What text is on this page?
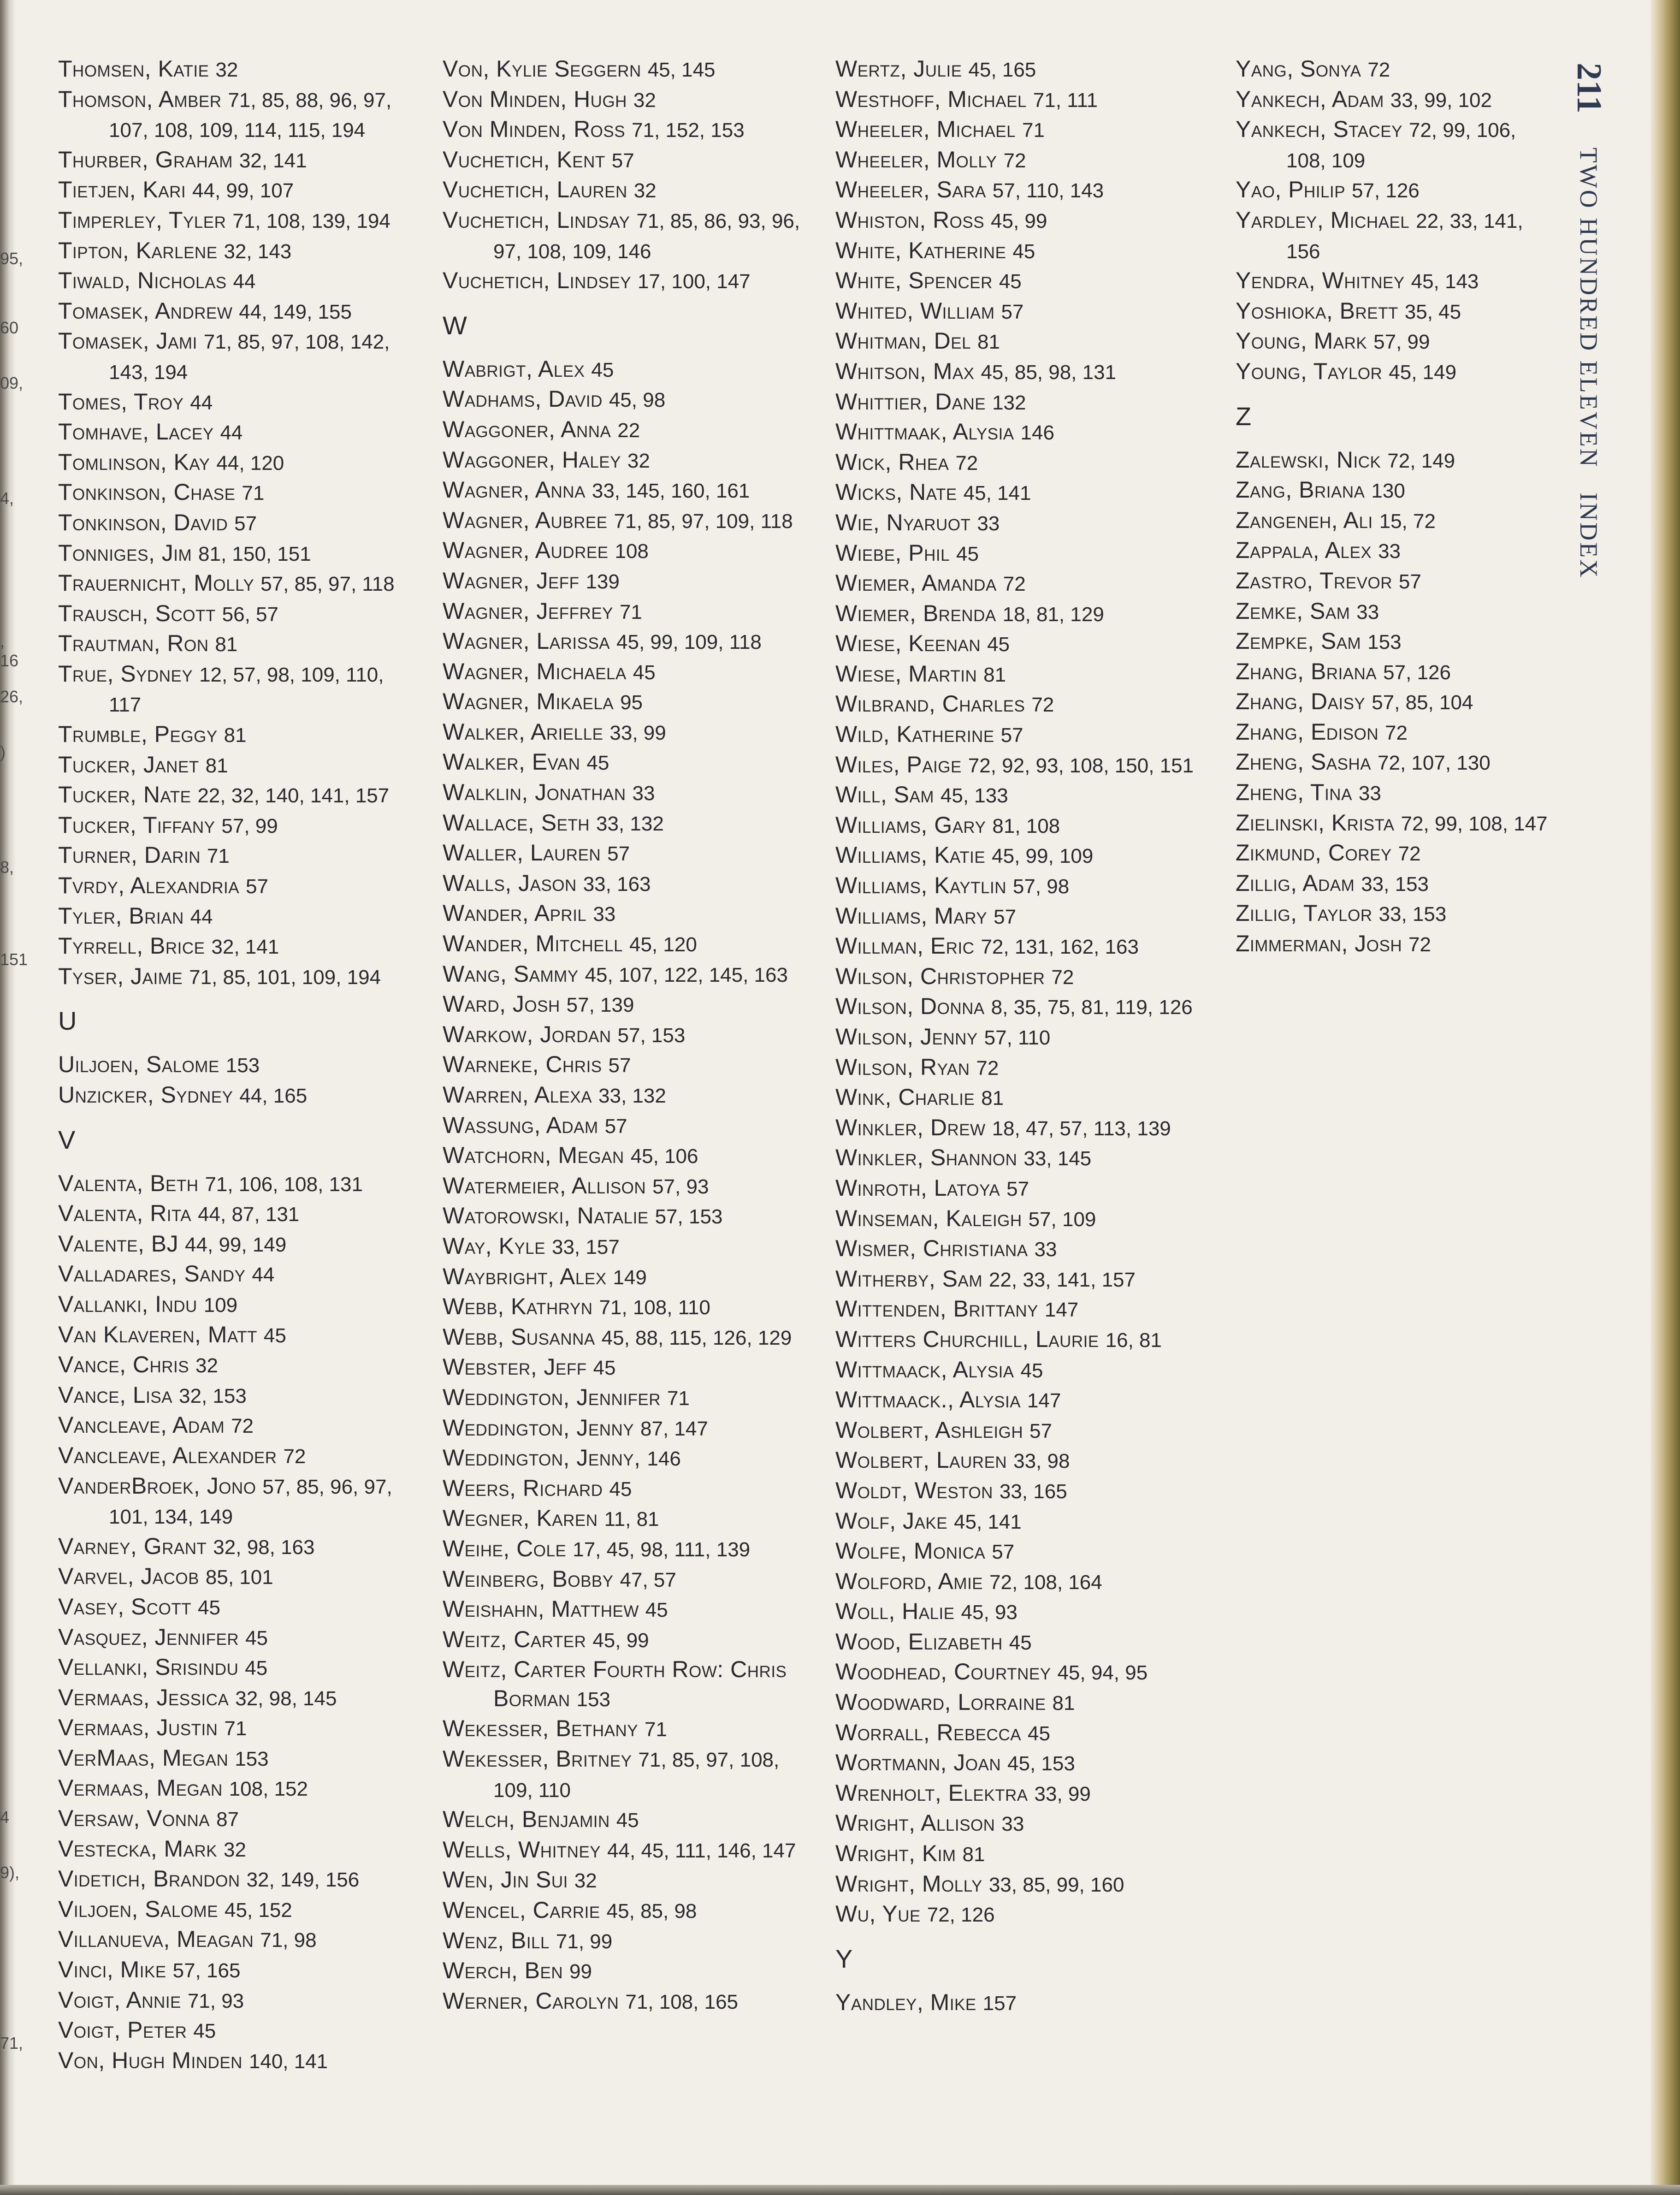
95,
60
09,
4,
, 16
26,
)
8,
151
4
9),
71,
Thomsen, Katie 32
Thomson, Amber 71, 85, 88, 96, 97, 107, 108, 109, 114, 115, 194
Thurber, Graham 32, 141
Tietjen, Kari 44, 99, 107
Timperley, Tyler 71, 108, 139, 194
Tipton, Karlene 32, 143
Tiwald, Nicholas 44
Tomasek, Andrew 44, 149, 155
Tomasek, Jami 71, 85, 97, 108, 142, 143, 194
Tomes, Troy 44
Tomhave, Lacey 44
Tomlinson, Kay 44, 120
Tonkinson, Chase 71
Tonkinson, David 57
Tonniges, Jim 81, 150, 151
Trauernicht, Molly 57, 85, 97, 118
Trausch, Scott 56, 57
Trautman, Ron 81
True, Sydney 12, 57, 98, 109, 110, 117
Trumble, Peggy 81
Tucker, Janet 81
Tucker, Nate 22, 32, 140, 141, 157
Tucker, Tiffany 57, 99
Turner, Darin 71
Tvrdy, Alexandria 57
Tyler, Brian 44
Tyrrell, Brice 32, 141
Tyser, Jaime 71, 85, 101, 109, 194
U
Uiljoen, Salome 153
Unzicker, Sydney 44, 165
V
Valenta, Beth 71, 106, 108, 131
Valenta, Rita 44, 87, 131
Valente, BJ 44, 99, 149
Valladares, Sandy 44
Vallanki, Indu 109
Van Klaveren, Matt 45
Vance, Chris 32
Vance, Lisa 32, 153
Vancleave, Adam 72
Vancleave, Alexander 72
VanderBroek, Jono 57, 85, 96, 97, 101, 134, 149
Varney, Grant 32, 98, 163
Varvel, Jacob 85, 101
Vasey, Scott 45
Vasquez, Jennifer 45
Vellanki, Srisindu 45
Vermaas, Jessica 32, 98, 145
Vermaas, Justin 71
VerMaas, Megan 153
Vermaas, Megan 108, 152
Versaw, Vonna 87
Vestecka, Mark 32
Videtich, Brandon 32, 149, 156
Viljoen, Salome 45, 152
Villanueva, Meagan 71, 98
Vinci, Mike 57, 165
Voigt, Annie 71, 93
Voigt, Peter 45
Von, Hugh Minden 140, 141
Von, Kylie Seggern 45, 145
Von Minden, Hugh 32
Von Minden, Ross 71, 152, 153
Vuchetich, Kent 57
Vuchetich, Lauren 32
Vuchetich, Lindsay 71, 85, 86, 93, 96, 97, 108, 109, 146
Vuchetich, Lindsey 17, 100, 147
W
Wabrigt, Alex 45
Wadhams, David 45, 98
Waggoner, Anna 22
Waggoner, Haley 32
Wagner, Anna 33, 145, 160, 161
Wagner, Aubree 71, 85, 97, 109, 118
Wagner, Audree 108
Wagner, Jeff 139
Wagner, Jeffrey 71
Wagner, Larissa 45, 99, 109, 118
Wagner, Michaela 45
Wagner, Mikaela 95
Walker, Arielle 33, 99
Walker, Evan 45
Walklin, Jonathan 33
Wallace, Seth 33, 132
Waller, Lauren 57
Walls, Jason 33, 163
Wander, April 33
Wander, Mitchell 45, 120
Wang, Sammy 45, 107, 122, 145, 163
Ward, Josh 57, 139
Warkow, Jordan 57, 153
Warneke, Chris 57
Warren, Alexa 33, 132
Wassung, Adam 57
Watchorn, Megan 45, 106
Watermeier, Allison 57, 93
Watorowski, Natalie 57, 153
Way, Kyle 33, 157
Waybright, Alex 149
Webb, Kathryn 71, 108, 110
Webb, Susanna 45, 88, 115, 126, 129
Webster, Jeff 45
Weddington, Jennifer 71
Weddington, Jenny 87, 147
Weddington, Jenny, 146
Weers, Richard 45
Wegner, Karen 11, 81
Weihe, Cole 17, 45, 98, 111, 139
Weinberg, Bobby 47, 57
Weishahn, Matthew 45
Weitz, Carter 45, 99
Weitz, Carter Fourth Row: Chris Borman 153
Wekesser, Bethany 71
Wekesser, Britney 71, 85, 97, 108, 109, 110
Welch, Benjamin 45
Wells, Whitney 44, 45, 111, 146, 147
Wen, Jin Sui 32
Wencel, Carrie 45, 85, 98
Wenz, Bill 71, 99
Werch, Ben 99
Werner, Carolyn 71, 108, 165
Wertz, Julie 45, 165
Westhoff, Michael 71, 111
Wheeler, Michael 71
Wheeler, Molly 72
Wheeler, Sara 57, 110, 143
Whiston, Ross 45, 99
White, Katherine 45
White, Spencer 45
Whited, William 57
Whitman, Del 81
Whitson, Max 45, 85, 98, 131
Whittier, Dane 132
Whittmaak, Alysia 146
Wick, Rhea 72
Wicks, Nate 45, 141
Wie, Nyaruot 33
Wiebe, Phil 45
Wiemer, Amanda 72
Wiemer, Brenda 18, 81, 129
Wiese, Keenan 45
Wiese, Martin 81
Wilbrand, Charles 72
Wild, Katherine 57
Wiles, Paige 72, 92, 93, 108, 150, 151
Will, Sam 45, 133
Williams, Gary 81, 108
Williams, Katie 45, 99, 109
Williams, Kaytlin 57, 98
Williams, Mary 57
Willman, Eric 72, 131, 162, 163
Wilson, Christopher 72
Wilson, Donna 8, 35, 75, 81, 119, 126
Wilson, Jenny 57, 110
Wilson, Ryan 72
Wink, Charlie 81
Winkler, Drew 18, 47, 57, 113, 139
Winkler, Shannon 33, 145
Winroth, Latoya 57
Winseman, Kaleigh 57, 109
Wismer, Christiana 33
Witherby, Sam 22, 33, 141, 157
Wittenden, Brittany 147
Witters Churchill, Laurie 16, 81
Wittmaack, Alysia 45
Wittmaack., Alysia 147
Wolbert, Ashleigh 57
Wolbert, Lauren 33, 98
Woldt, Weston 33, 165
Wolf, Jake 45, 141
Wolfe, Monica 57
Wolford, Amie 72, 108, 164
Woll, Halie 45, 93
Wood, Elizabeth 45
Woodhead, Courtney 45, 94, 95
Woodward, Lorraine 81
Worrall, Rebecca 45
Wortmann, Joan 45, 153
Wrenholt, Elektra 33, 99
Wright, Allison 33
Wright, Kim 81
Wright, Molly 33, 85, 99, 160
Wu, Yue 72, 126
Y
Yandley, Mike 157
Yang, Sonya 72
Yankech, Adam 33, 99, 102
Yankech, Stacey 72, 99, 106, 108, 109
Yao, Philip 57, 126
Yardley, Michael 22, 33, 141, 156
Yendra, Whitney 45, 143
Yoshioka, Brett 35, 45
Young, Mark 57, 99
Young, Taylor 45, 149
Z
Zalewski, Nick 72, 149
Zang, Briana 130
Zangeneh, Ali 15, 72
Zappala, Alex 33
Zastro, Trevor 57
Zemke, Sam 33
Zempke, Sam 153
Zhang, Briana 57, 126
Zhang, Daisy 57, 85, 104
Zhang, Edison 72
Zheng, Sasha 72, 107, 130
Zheng, Tina 33
Zielinski, Krista 72, 99, 108, 147
Zikmund, Corey 72
Zillig, Adam 33, 153
Zillig, Taylor 33, 153
Zimmerman, Josh 72
211 TWO HUNDRED ELEVEN   INDEX
